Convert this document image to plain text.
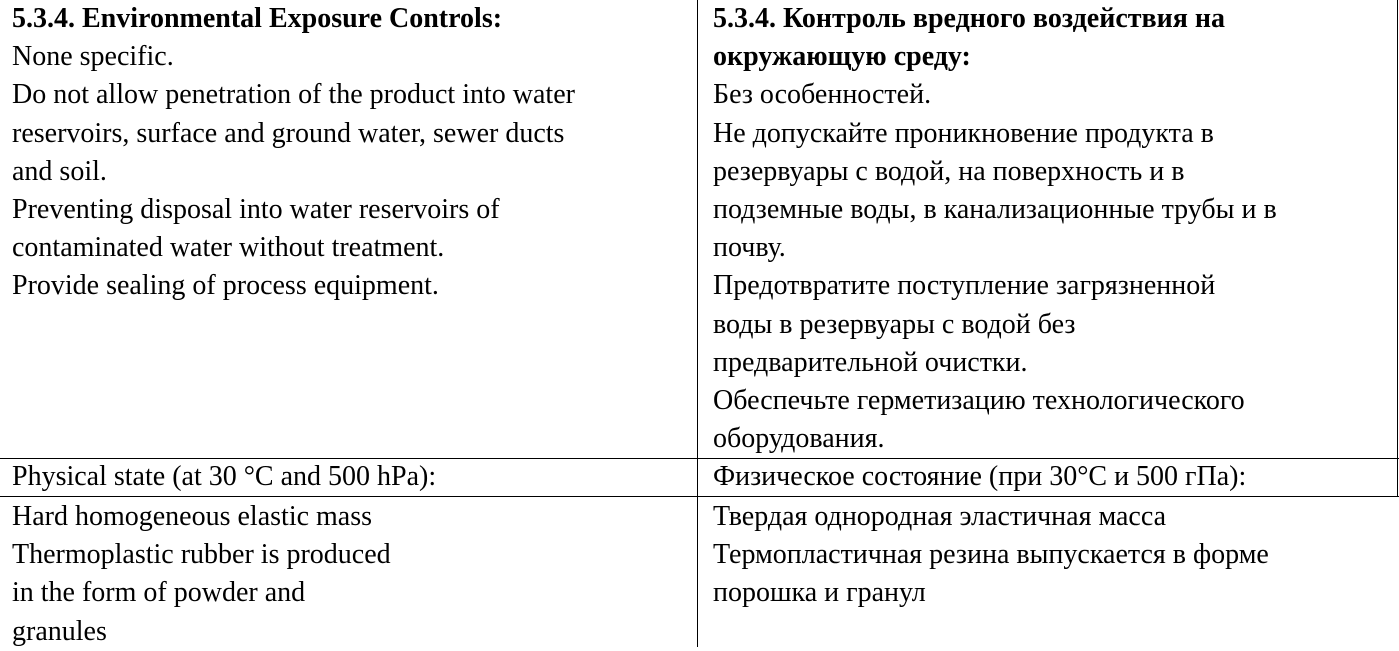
5.3.4. Environmental Exposure Controls:
None specific.
Do not allow penetration of the product into water
reservoirs, surface and ground water, sewer ducts
and soil.
Preventing disposal into water reservoirs of
contaminated water without treatment.
Provide sealing of process equipment.
5.3.4. Контроль вредного воздействия на
окружающую среду:
Без особенностей.
Не допускайте проникновение продукта в
резервуары с водой, на поверхность и в
подземные воды, в канализационные трубы и в
почву.
Предотвратите поступление загрязненной
воды в резервуары с водой без
предварительной очистки.
Обеспечьте герметизацию технологического
оборудования.
Physical state (at 30 °C and 500 hPa):	Физическое состояние (при 30°C и 500 гПа):
Hard homogeneous elastic mass
Thermoplastic rubber is produced
in the form of powder and
granules
Твердая однородная эластичная масса
Термопластичная резина выпускается в форме
порошка и гранул
